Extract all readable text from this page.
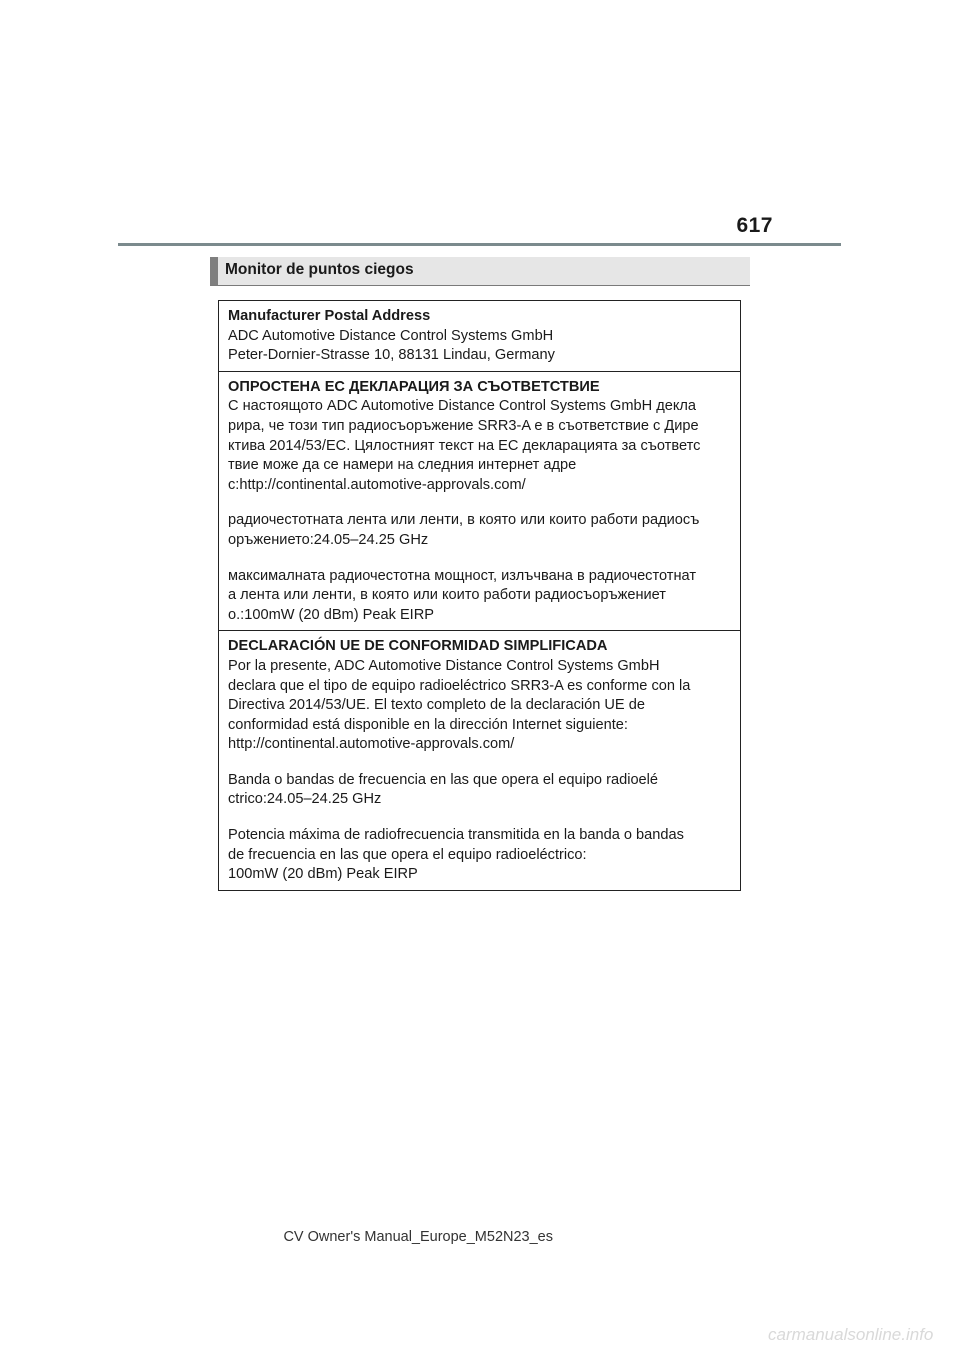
617
Monitor de puntos ciegos
Manufacturer Postal Address
ADC Automotive Distance Control Systems GmbH
Peter-Dornier-Strasse 10, 88131 Lindau, Germany
ОПРОСТЕНА ЕС ДЕКЛАРАЦИЯ ЗА СЪОТВЕТСТВИЕ
С настоящото ADC Automotive Distance Control Systems GmbH декла
рира, че този тип радиосъоръжение SRR3-A е в съответствие с Дире
ктива 2014/53/ЕС. Цялостният текст на ЕС декларацията за съответс
твие може да се намери на следния интернет адре
с:http://continental.automotive-approvals.com/
радиочестотната лента или ленти, в която или които работи радиосъ
оръжението:24.05–24.25 GHz
максималната радиочестотна мощност, излъчвана в радиочестотнат
а лента или ленти, в която или които работи радиосъоръжениет
о.:100mW (20 dBm) Peak EIRP
DECLARACIÓN UE DE CONFORMIDAD SIMPLIFICADA
Por la presente, ADC Automotive Distance Control Systems GmbH
declara que el tipo de equipo radioeléctrico SRR3-A es conforme con la
Directiva 2014/53/UE. El texto completo de la declaración UE de
conformidad está disponible en la dirección Internet siguiente:
http://continental.automotive-approvals.com/
Banda o bandas de frecuencia en las que opera el equipo radioelé
ctrico:24.05–24.25 GHz
Potencia máxima de radiofrecuencia transmitida en la banda o bandas
de frecuencia en las que opera el equipo radioeléctrico:
100mW (20 dBm) Peak EIRP
CV Owner's Manual_Europe_M52N23_es
carmanualsonline.info
